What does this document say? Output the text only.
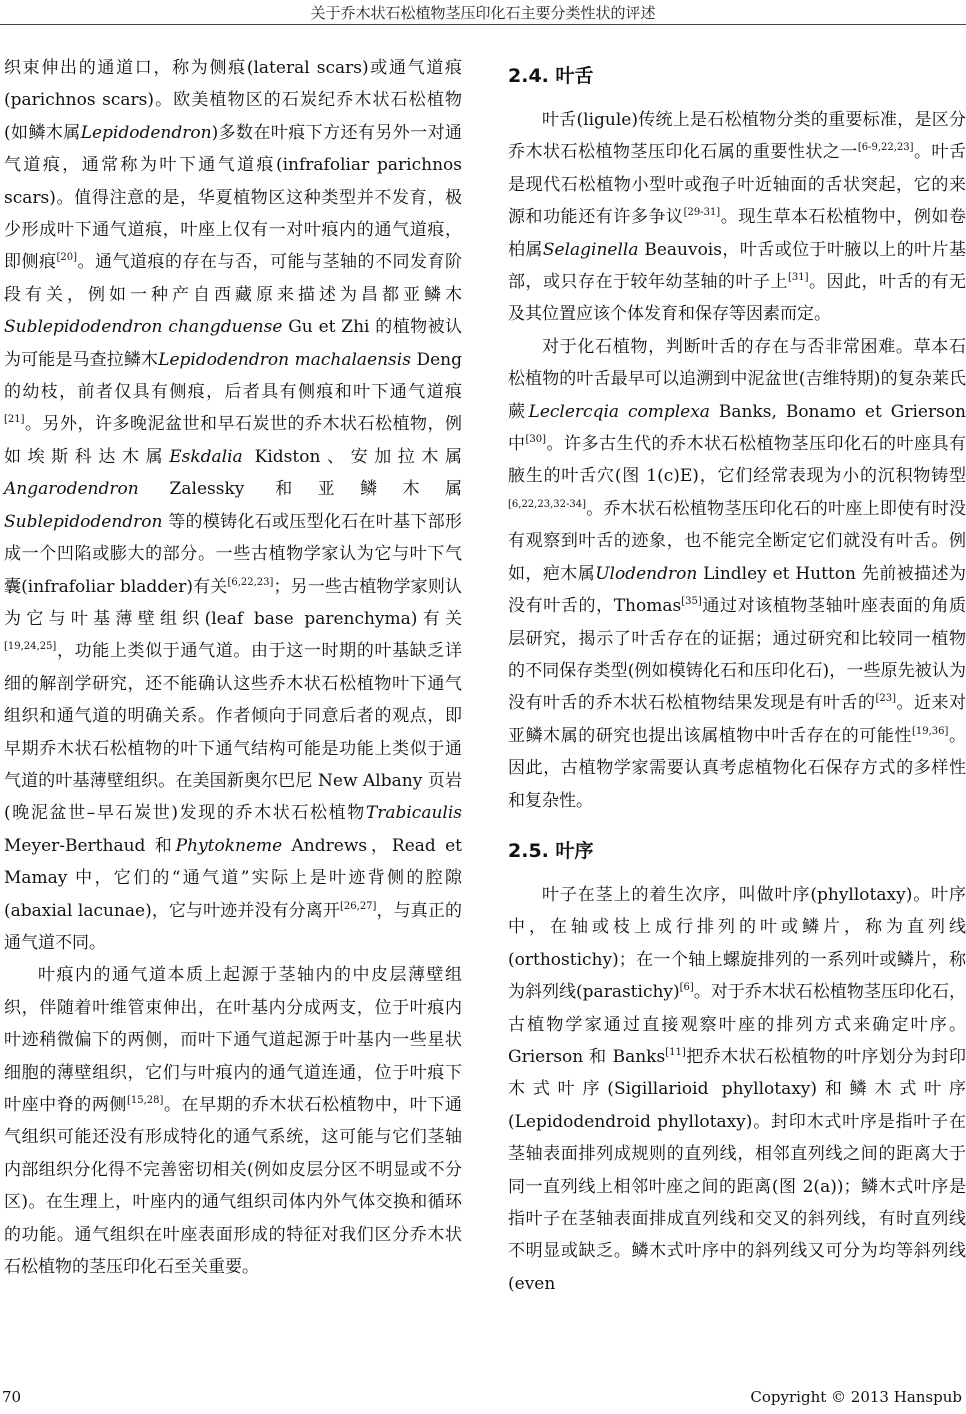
关于乔木状石松植物茎压印化石主要分类性状的评述

织束伸出的通道口，称为侧痕(lateral scars)或通气道痕(parichnos scars)。欧美植物区的石炭纪乔木状石松植物(如鳞木属Lepidodendron)多数在叶痕下方还有另外一对通气道痕，通常称为叶下通气道痕(infrafoliar parichnos scars)。值得注意的是，华夏植物区这种类型并不发育，极少形成叶下通气道痕，叶座上仅有一对叶痕内的通气道痕，即侧痕[20]。通气道痕的存在与否，可能与茎轴的不同发育阶段有关，例如一种产自西藏原来描述为昌都亚鳞木Sublepidodendron changduense Gu et Zhi 的植物被认为可能是马查拉鳞木Lepidodendron machalaensis Deng的幼枝，前者仅具有侧痕，后者具有侧痕和叶下通气道痕[21]。另外，许多晚泥盆世和早石炭世的乔木状石松植物，例如埃斯科达木属Eskdalia Kidston、安加拉木属Angarodendron Zalessky 和亚鳞木属Sublepidodendron 等的模铸化石或压型化石在叶基下部形成一个凹陷或膨大的部分。一些古植物学家认为它与叶下气囊(infrafoliar bladder)有关[6,22,23]；另一些古植物学家则认为它与叶基薄壁组织(leaf base parenchyma)有关[19,24,25]，功能上类似于通气道。由于这一时期的叶基缺乏详细的解剖学研究，还不能确认这些乔木状石松植物叶下通气组织和通气道的明确关系。作者倾向于同意后者的观点，即早期乔木状石松植物的叶下通气结构可能是功能上类似于通气道的叶基薄壁组织。在美国新奥尔巴尼 New Albany 页岩(晚泥盆世–早石炭世)发现的乔木状石松植物Trabicaulis Meyer-Berthaud 和Phytokneme Andrews，Read et Mamay 中，它们的“通气道”实际上是叶迹背侧的腔隙(abaxial lacunae)，它与叶迹并没有分离开[26,27]，与真正的通气道不同。

叶痕内的通气道本质上起源于茎轴内的中皮层薄壁组织，伴随着叶维管束伸出，在叶基内分成两支，位于叶痕内叶迹稍微偏下的两侧，而叶下通气道起源于叶基内一些星状细胞的薄壁组织，它们与叶痕内的通气道连通，位于叶痕下叶座中脊的两侧[15,28]。在早期的乔木状石松植物中，叶下通气组织可能还没有形成特化的通气系统，这可能与它们茎轴内部组织分化得不完善密切相关(例如皮层分区不明显或不分区)。在生理上，叶座内的通气组织司体内外气体交换和循环的功能。通气组织在叶座表面形成的特征对我们区分乔木状石松植物的茎压印化石至关重要。

2.4. 叶舌

叶舌(ligule)传统上是石松植物分类的重要标准，是区分乔木状石松植物茎压印化石属的重要性状之一[6-9,22,23]。叶舌是现代石松植物小型叶或孢子叶近轴面的舌状突起，它的来源和功能还有许多争议[29-31]。现生草本石松植物中，例如卷柏属Selaginella Beauvois，叶舌或位于叶腋以上的叶片基部，或只存在于较年幼茎轴的叶子上[31]。因此，叶舌的有无及其位置应该个体发育和保存等因素而定。

对于化石植物，判断叶舌的存在与否非常困难。草本石松植物的叶舌最早可以追溯到中泥盆世(吉维特期)的复杂莱氏蕨Leclercqia complexa Banks, Bonamo et Grierson 中[30]。许多古生代的乔木状石松植物茎压印化石的叶座具有腋生的叶舌穴(图 1(c)E)，它们经常表现为小的沉积物铸型[6,22,23,32-34]。乔木状石松植物茎压印化石的叶座上即使有时没有观察到叶舌的迹象，也不能完全断定它们就没有叶舌。例如，疤木属Ulodendron Lindley et Hutton 先前被描述为没有叶舌的，Thomas[35]通过对该植物茎轴叶座表面的角质层研究，揭示了叶舌存在的证据；通过研究和比较同一植物的不同保存类型(例如模铸化石和压印化石)，一些原先被认为没有叶舌的乔木状石松植物结果发现是有叶舌的[23]。近来对亚鳞木属的研究也提出该属植物中叶舌存在的可能性[19,36]。因此，古植物学家需要认真考虑植物化石保存方式的多样性和复杂性。

2.5. 叶序

叶子在茎上的着生次序，叫做叶序(phyllotaxy)。叶序中，在轴或枝上成行排列的叶或鳞片，称为直列线(orthostichy)；在一个轴上螺旋排列的一系列叶或鳞片，称为斜列线(parastichy)[6]。对于乔木状石松植物茎压印化石，古植物学家通过直接观察叶座的排列方式来确定叶序。Grierson 和 Banks[11]把乔木状石松植物的叶序划分为封印木式叶序(Sigillarioid phyllotaxy)和鳞木式叶序(Lepidodendroid phyllotaxy)。封印木式叶序是指叶子在茎轴表面排列成规则的直列线，相邻直列线之间的距离大于同一直列线上相邻叶座之间的距离(图 2(a))；鳞木式叶序是指叶子在茎轴表面排成直列线和交叉的斜列线，有时直列线不明显或缺乏。鳞木式叶序中的斜列线又可分为均等斜列线(even

70	Copyright © 2013 Hanspub
